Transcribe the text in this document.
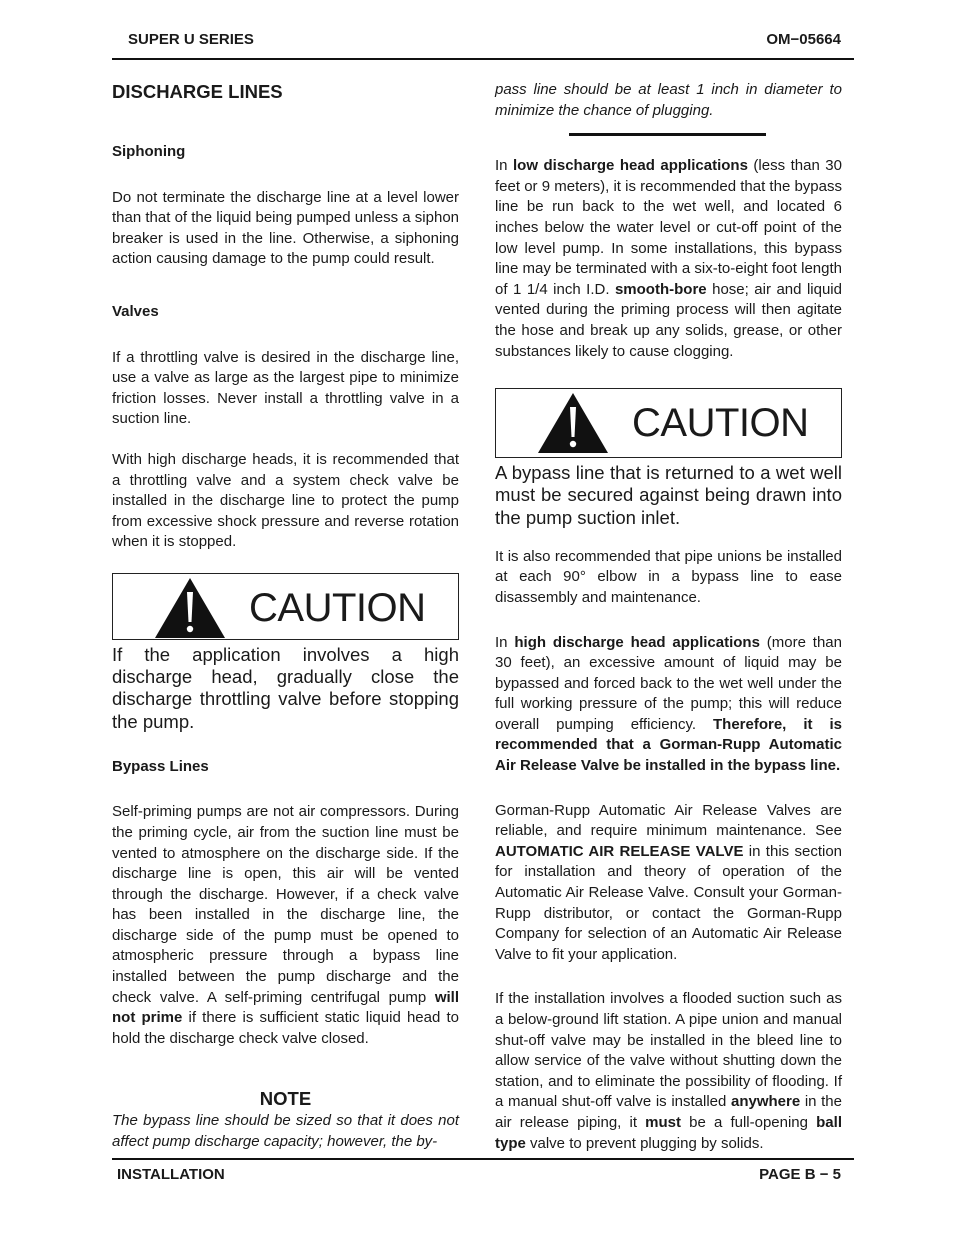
SUPER U SERIES	OM−05664
DISCHARGE LINES
Siphoning

Do not terminate the discharge line at a level lower than that of the liquid being pumped unless a siphon breaker is used in the line. Otherwise, a siphoning action causing damage to the pump could result.

Valves

If a throttling valve is desired in the discharge line, use a valve as large as the largest pipe to minimize friction losses. Never install a throttling valve in a suction line.

With high discharge heads, it is recommended that a throttling valve and a system check valve be installed in the discharge line to protect the pump from excessive shock pressure and reverse rotation when it is stopped.

CAUTION

If the application involves a high discharge head, gradually close the discharge throttling valve before stopping the pump.

Bypass Lines

Self-priming pumps are not air compressors. During the priming cycle, air from the suction line must be vented to atmosphere on the discharge side. If the discharge line is open, this air will be vented through the discharge. However, if a check valve has been installed in the discharge line, the discharge side of the pump must be opened to atmospheric pressure through a bypass line installed between the pump discharge and the check valve. A self-priming centrifugal pump will not prime if there is sufficient static liquid head to hold the discharge check valve closed.

NOTE

The bypass line should be sized so that it does not affect pump discharge capacity; however, the by-

pass line should be at least 1 inch in diameter to minimize the chance of plugging.

In low discharge head applications (less than 30 feet or 9 meters), it is recommended that the bypass line be run back to the wet well, and located 6 inches below the water level or cut-off point of the low level pump. In some installations, this bypass line may be terminated with a six-to-eight foot length of 1 1/4 inch I.D. smooth-bore hose; air and liquid vented during the priming process will then agitate the hose and break up any solids, grease, or other substances likely to cause clogging.

CAUTION

A bypass line that is returned to a wet well must be secured against being drawn into the pump suction inlet.

It is also recommended that pipe unions be installed at each 90° elbow in a bypass line to ease disassembly and maintenance.

In high discharge head applications (more than 30 feet), an excessive amount of liquid may be bypassed and forced back to the wet well under the full working pressure of the pump; this will reduce overall pumping efficiency. Therefore, it is recommended that a Gorman-Rupp Automatic Air Release Valve be installed in the bypass line.

Gorman-Rupp Automatic Air Release Valves are reliable, and require minimum maintenance. See AUTOMATIC AIR RELEASE VALVE in this section for installation and theory of operation of the Automatic Air Release Valve. Consult your Gorman-Rupp distributor, or contact the Gorman-Rupp Company for selection of an Automatic Air Release Valve to fit your application.

If the installation involves a flooded suction such as a below-ground lift station. A pipe union and manual shut-off valve may be installed in the bleed line to allow service of the valve without shutting down the station, and to eliminate the possibility of flooding. If a manual shut-off valve is installed anywhere in the air release piping, it must be a full-opening ball type valve to prevent plugging by solids.

INSTALLATION	PAGE B − 5
